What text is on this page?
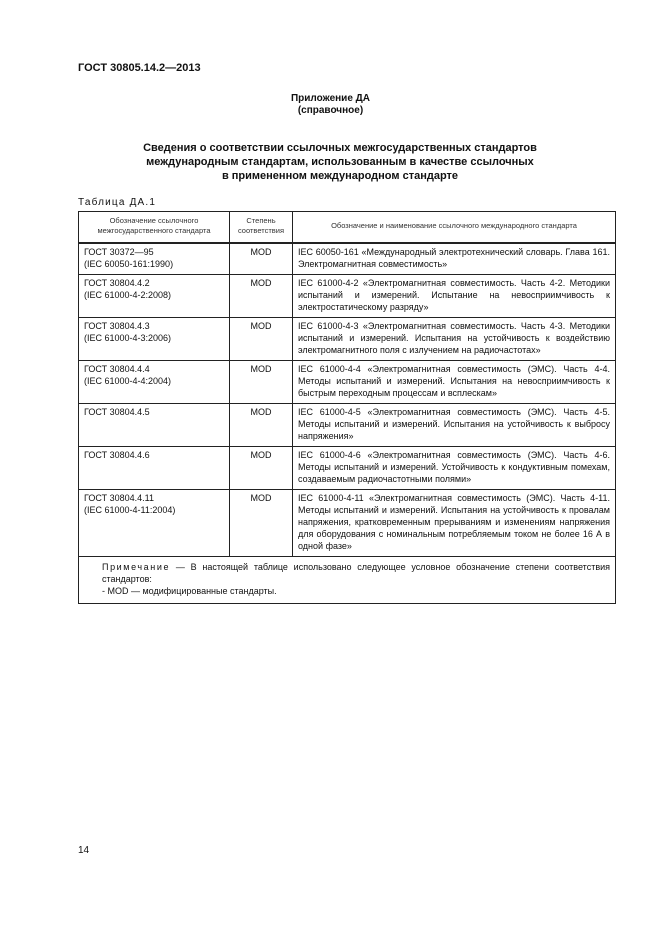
ГОСТ 30805.14.2—2013
Приложение ДА
(справочное)
Сведения о соответствии ссылочных межгосударственных стандартов
международным стандартам, использованным в качестве ссылочных
в примененном международном стандарте
Таблица ДА.1
Обозначение ссылочного межгосударственного стандарта	Степень соответствия	Обозначение и наименование ссылочного международного стандарта

ГОСТ 30372—95
(IEC 60050-161:1990)	MOD	IEC 60050-161 «Международный электротехнический словарь. Глава 161. Электромагнитная совместимость»

ГОСТ 30804.4.2
(IEC 61000-4-2:2008)	MOD	IEC 61000-4-2 «Электромагнитная совместимость. Часть 4-2. Методики испытаний и измерений. Испытание на невосприимчивость к электростатическому разряду»

ГОСТ 30804.4.3
(IEC 61000-4-3:2006)	MOD	IEC 61000-4-3 «Электромагнитная совместимость. Часть 4-3. Методики испытаний и измерений. Испытания на устойчивость к воздействию электромагнитного поля с излучением на радиочастотах»

ГОСТ 30804.4.4
(IEC 61000-4-4:2004)	MOD	IEC 61000-4-4 «Электромагнитная совместимость (ЭМС). Часть 4-4. Методы испытаний и измерений. Испытания на невосприимчивость к быстрым переходным процессам и всплескам»

ГОСТ 30804.4.5	MOD	IEC 61000-4-5 «Электромагнитная совместимость (ЭМС). Часть 4-5. Методы испытаний и измерений. Испытания на устойчивость к выбросу напряжения»

ГОСТ 30804.4.6	MOD	IEC 61000-4-6 «Электромагнитная совместимость (ЭМС). Часть 4-6. Методы испытаний и измерений. Устойчивость к кондуктивным помехам, создаваемым радиочастотными полями»

ГОСТ 30804.4.11
(IEC 61000-4-11:2004)	MOD	IEC 61000-4-11 «Электромагнитная совместимость (ЭМС). Часть 4-11. Методы испытаний и измерений. Испытания на устойчивость к провалам напряжения, кратковременным прерываниям и изменениям напряжения для оборудования с номинальным потребляемым током не более 16 А в одной фазе»

Примечание — В настоящей таблице использовано следующее условное обозначение степени соответствия стандартов:
- MOD — модифицированные стандарты.		
14
